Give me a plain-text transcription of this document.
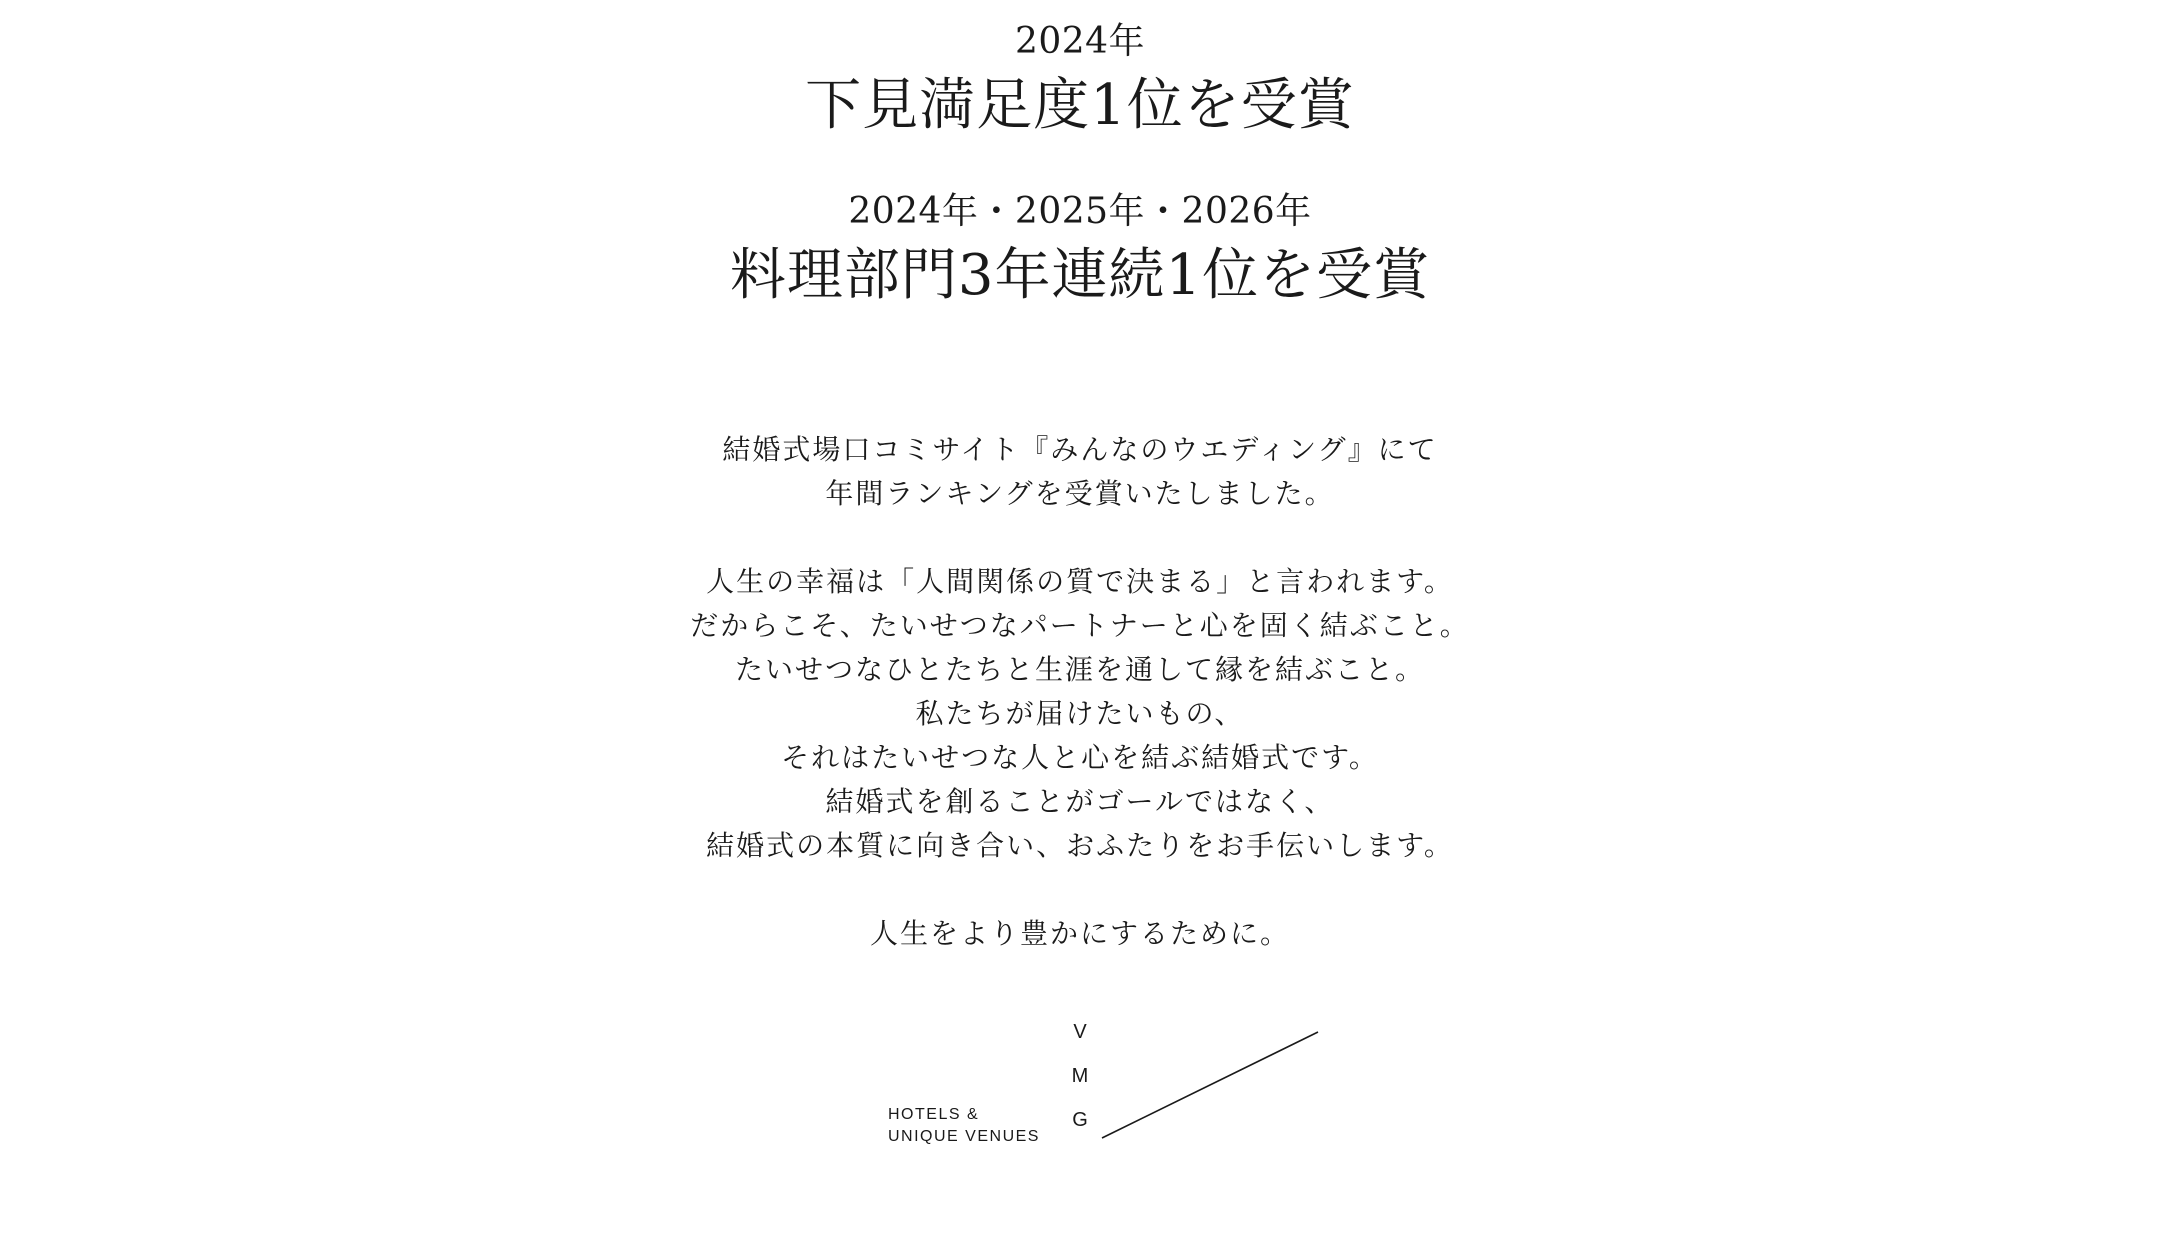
2024年
下見満足度1位を受賞
2024年・2025年・2026年
料理部門3年連続1位を受賞

結婚式場口コミサイト『みんなのウエディング』にて

年間ランキングを受賞いたしました。

人生の幸福は「人間関係の質で決まる」と言われます。

だからこそ、たいせつなパートナーと心を固く結ぶこと。

たいせつなひとたちと生涯を通して縁を結ぶこと。

私たちが届けたいもの、

それはたいせつな人と心を結ぶ結婚式です。

結婚式を創ることがゴールではなく、

結婚式の本質に向き合い、おふたりをお手伝いします。

人生をより豊かにするために。

HOTELS &
UNIQUE VENUES
V
M
G
